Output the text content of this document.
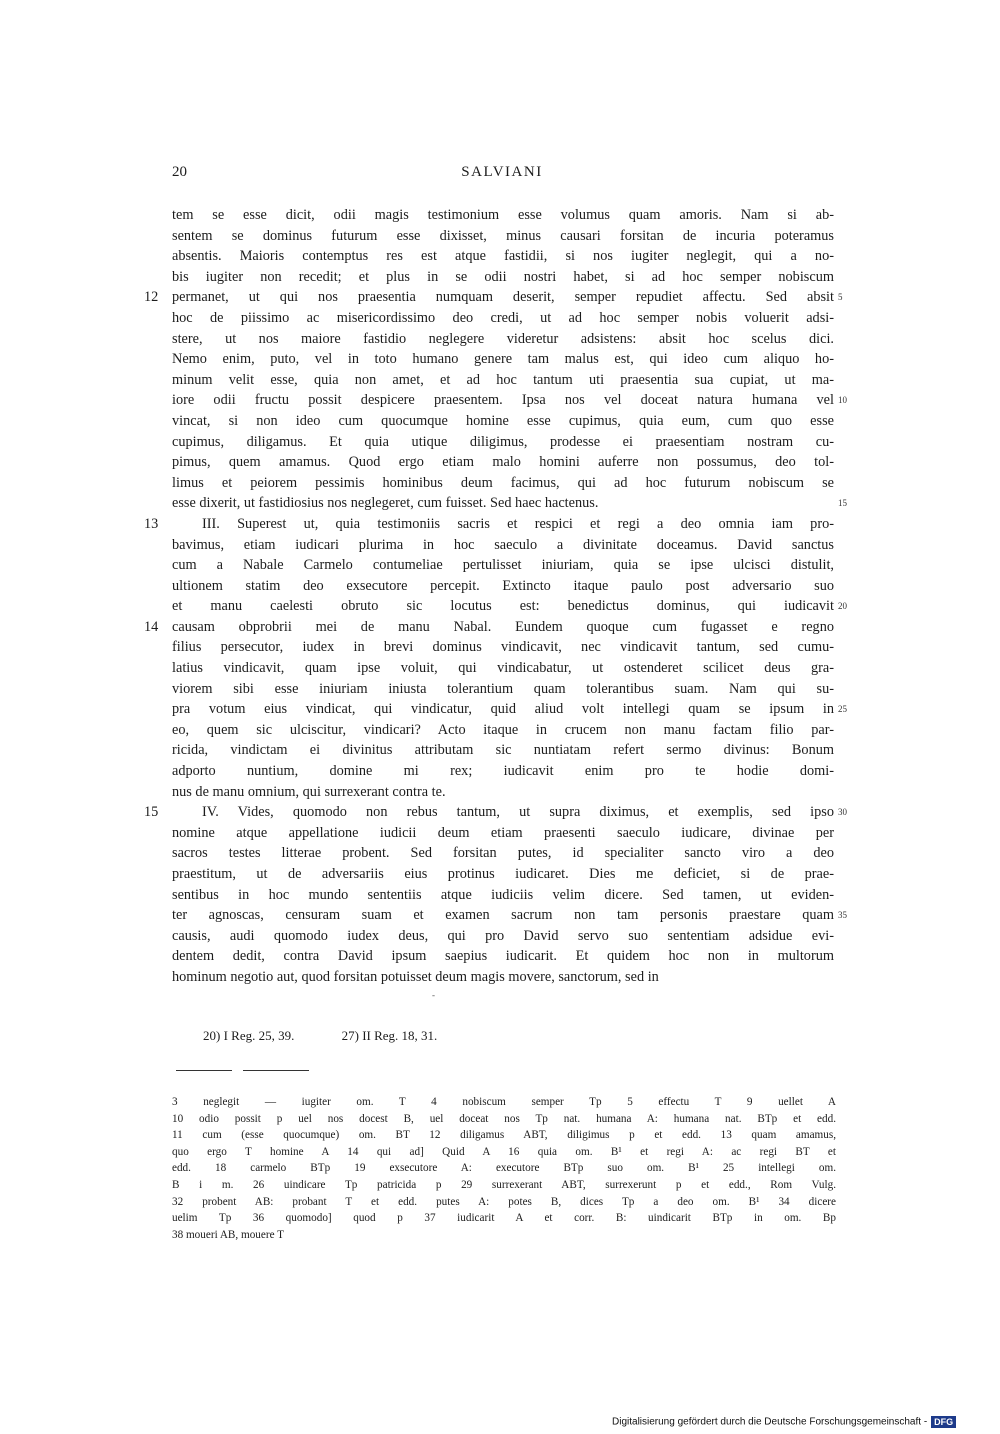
20	SALVIANI
tem se esse dicit, odii magis testimonium esse volumus quam amoris. Nam si ab-
sentem se dominus futurum esse dixisset, minus causari forsitan de incuria poteramus
absentis. Maioris contemptus res est atque fastidii, si nos iugiter neglegit, qui a no-
bis iugiter non recedit; et plus in se odii nostri habet, si ad hoc semper nobiscum
12 permanet, ut qui nos praesentia numquam deserit, semper repudiet affectu. Sed absit 5
hoc de piissimo ac misericordissimo deo credi, ut ad hoc semper nobis voluerit adsi-
stere, ut nos maiore fastidio neglegere videretur adsistens: absit hoc scelus dici.
Nemo enim, puto, vel in toto humano genere tam malus est, qui ideo cum aliquo ho-
minum velit esse, quia non amet, et ad hoc tantum uti praesentia sua cupiat, ut ma-
iore odii fructu possit despicere praesentem. Ipsa nos vel doceat natura humana vel 10
vincat, si non ideo cum quocumque homine esse cupimus, quia eum, cum quo esse
cupimus, diligamus. Et quia utique diligimus, prodesse ei praesentiam nostram cu-
pimus, quem amamus. Quod ergo etiam malo homini auferre non possumus, deo tol-
limus et peiorem pessimis hominibus deum facimus, qui ad hoc futurum nobiscum se
esse dixerit, ut fastidiosius nos neglegeret, cum fuisset. Sed haec hactenus.	15
13	III. Superest ut, quia testimoniis sacris et respici et regi a deo omnia iam pro-
bavimus, etiam iudicari plurima in hoc saeculo a divinitate doceamus. David sanctus
cum a Nabale Carmelo contumeliae pertulisset iniuriam, quia se ipse ulcisci distulit,
ultionem statim deo exsecutore percepit. Extincto itaque paulo post adversario suo
et manu caelesti obruto sic locutus est: benedictus dominus, qui iudicavit 20
14 causam obprobrii mei de manu Nabal. Eundem quoque cum fugasset e regno
filius persecutor, iudex in brevi dominus vindicavit, nec vindicavit tantum, sed cumu-
latius vindicavit, quam ipse voluit, qui vindicabatur, ut ostenderet scilicet deus gra-
viorem sibi esse iniuriam iniusta tolerantium quam tolerantibus suam. Nam qui su-
pra votum eius vindicat, qui vindicatur, quid aliud volt intellegi quam se ipsum in 25
eo, quem sic ulciscitur, vindicari? Acto itaque in crucem non manu factam filio par-
ricida, vindictam ei divinitus attributam sic nuntiatam refert sermo divinus: Bonum
adporto nuntium, domine mi rex; iudicavit enim pro te hodie domi-
nus de manu omnium, qui surrexerant contra te.
15	IV. Vides, quomodo non rebus tantum, ut supra diximus, et exemplis, sed ipso 30
nomine atque appellatione iudicii deum etiam praesenti saeculo iudicare, divinae per
sacros testes litterae probent. Sed forsitan putes, id specialiter sancto viro a deo
praestitum, ut de adversariis eius protinus iudicaret. Dies me deficiet, si de prae-
sentibus in hoc mundo sententiis atque iudiciis velim dicere. Sed tamen, ut eviden-
ter agnoscas, censuram suam et examen sacrum non tam personis praestare quam 35
causis, audi quomodo iudex deus, qui pro David servo suo sententiam adsidue evi-
dentem dedit, contra David ipsum saepius iudicarit. Et quidem hoc non in multorum
hominum negotio aut, quod forsitan potuisset deum magis movere, sanctorum, sed in
-
20) I Reg. 25, 39.	27) II Reg. 18, 31.
3 neglegit — iugiter om. T 4 nobiscum semper Tp 5 effectu T 9 uellet A
10 odio possit p uel nos docest B, uel doceat nos Tp nat. humana A: humana nat. BTp et edd.
11 cum (esse quocumque) om. BT 12 diligamus ABT, diligimus p et edd. 13 quam amamus,
quo ergo T homine A 14 qui ad] Quid A 16 quia om. B¹ et regi A: ac regi BT et
edd. 18 carmelo BTp 19 exsecutore A: executore BTp suo om. B¹ 25 intellegi om.
B i m. 26 uindicare Tp patricida p 29 surrexerant ABT, surrexerunt p et edd., Rom Vulg.
32 probent AB: probant T et edd. putes A: potes B, dices Tp a deo om. B¹ 34 dicere
uelim Tp 36 quomodo] quod p 37 iudicarit A et corr. B: uindicarit BTp in om. Bp
38 moueri AB, mouere T
Digitalisierung gefördert durch die Deutsche Forschungsgemeinschaft - DFG
